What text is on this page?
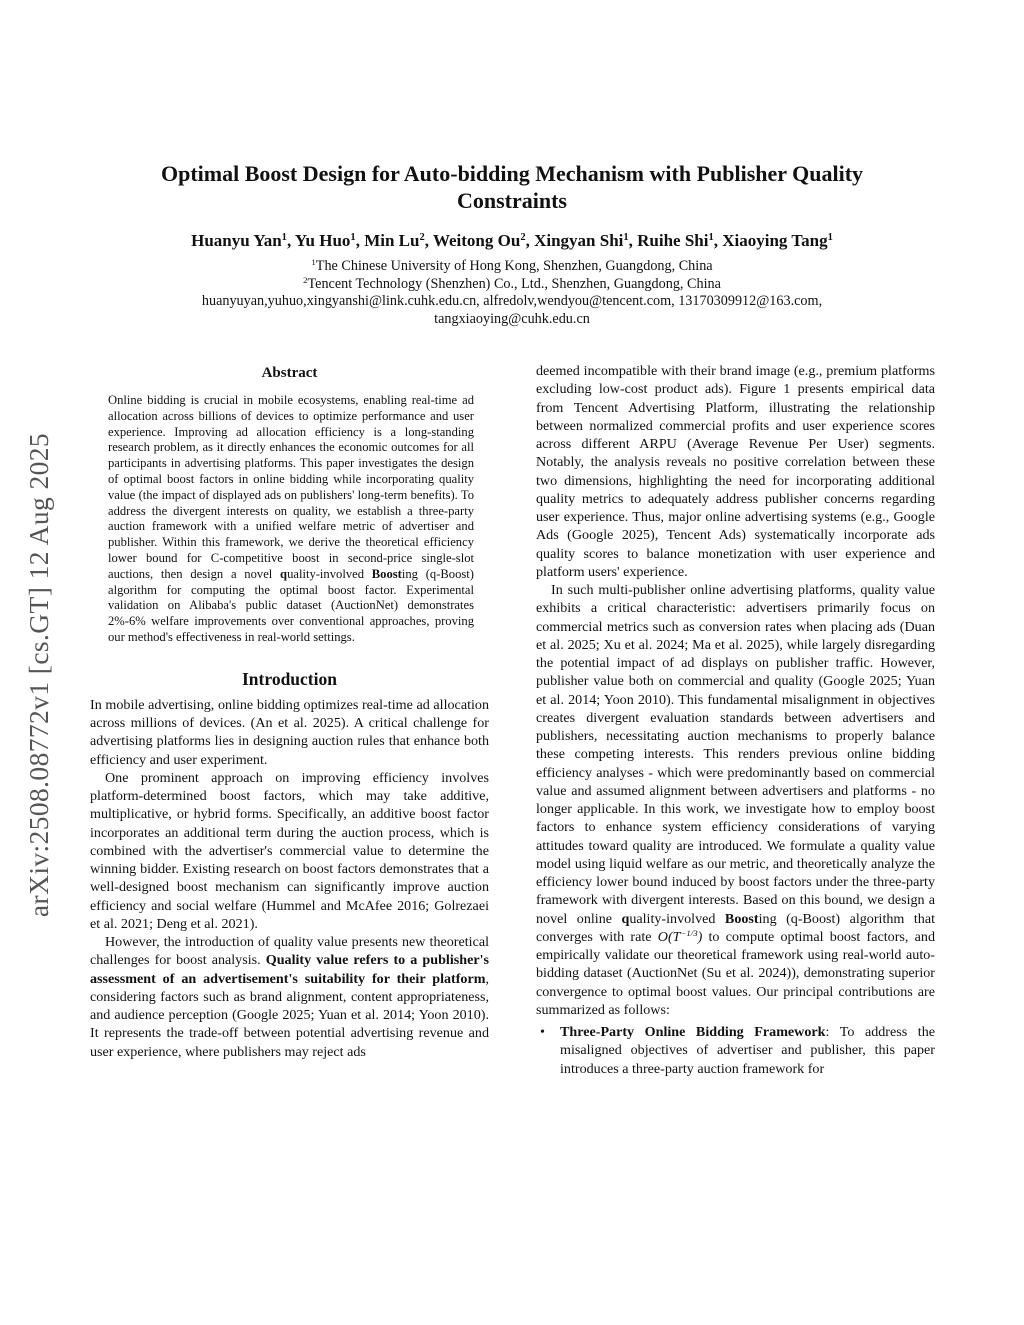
arXiv:2508.08772v1 [cs.GT] 12 Aug 2025
Optimal Boost Design for Auto-bidding Mechanism with Publisher Quality
Constraints
Huanyu Yan$^1$, Yu Huo$^1$, Min Lu$^2$, Weitong Ou$^2$, Xingyan Shi$^1$, Ruihe Shi$^1$, Xiaoying Tang$^1$
$^1$The Chinese University of Hong Kong, Shenzhen, Guangdong, China
$^2$Tencent Technology (Shenzhen) Co., Ltd., Shenzhen, Guangdong, China
huanyuyan,yuhuo,xingyanshi@link.cuhk.edu.cn, alfredolv,wendyou@tencent.com, 13170309912@163.com,
tangxiaoying@cuhk.edu.cn
Abstract
Online bidding is crucial in mobile ecosystems, enabling real-time ad allocation across billions of devices to optimize performance and user experience. Improving ad allocation efficiency is a long-standing research problem, as it directly enhances the economic outcomes for all participants in advertising platforms. This paper investigates the design of optimal boost factors in online bidding while incorporating quality value (the impact of displayed ads on publishers' long-term benefits). To address the divergent interests on quality, we establish a three-party auction framework with a unified welfare metric of advertiser and publisher. Within this framework, we derive the theoretical efficiency lower bound for C-competitive boost in second-price single-slot auctions, then design a novel quality-involved Boosting (q-Boost) algorithm for computing the optimal boost factor. Experimental validation on Alibaba's public dataset (AuctionNet) demonstrates 2%-6% welfare improvements over conventional approaches, proving our method's effectiveness in real-world settings.
Introduction

In mobile advertising, online bidding optimizes real-time ad allocation across millions of devices. (An et al. 2025). A critical challenge for advertising platforms lies in designing auction rules that enhance both efficiency and user experiment.

One prominent approach on improving efficiency involves platform-determined boost factors, which may take additive, multiplicative, or hybrid forms. Specifically, an additive boost factor incorporates an additional term during the auction process, which is combined with the advertiser's commercial value to determine the winning bidder. Existing research on boost factors demonstrates that a well-designed boost mechanism can significantly improve auction efficiency and social welfare (Hummel and McAfee 2016; Golrezaei et al. 2021; Deng et al. 2021).

However, the introduction of quality value presents new theoretical challenges for boost analysis. Quality value refers to a publisher's assessment of an advertisement's suitability for their platform, considering factors such as brand alignment, content appropriateness, and audience perception (Google 2025; Yuan et al. 2014; Yoon 2010). It represents the trade-off between potential advertising revenue and user experience, where publishers may reject ads

deemed incompatible with their brand image (e.g., premium platforms excluding low-cost product ads). Figure 1 presents empirical data from Tencent Advertising Platform, illustrating the relationship between normalized commercial profits and user experience scores across different ARPU (Average Revenue Per User) segments. Notably, the analysis reveals no positive correlation between these two dimensions, highlighting the need for incorporating additional quality metrics to adequately address publisher concerns regarding user experience. Thus, major online advertising systems (e.g., Google Ads (Google 2025), Tencent Ads) systematically incorporate ads quality scores to balance monetization with user experience and platform users' experience.

In such multi-publisher online advertising platforms, quality value exhibits a critical characteristic: advertisers primarily focus on commercial metrics such as conversion rates when placing ads (Duan et al. 2025; Xu et al. 2024; Ma et al. 2025), while largely disregarding the potential impact of ad displays on publisher traffic. However, publisher value both on commercial and quality (Google 2025; Yuan et al. 2014; Yoon 2010). This fundamental misalignment in objectives creates divergent evaluation standards between advertisers and publishers, necessitating auction mechanisms to properly balance these competing interests. This renders previous online bidding efficiency analyses - which were predominantly based on commercial value and assumed alignment between advertisers and platforms - no longer applicable. In this work, we investigate how to employ boost factors to enhance system efficiency considerations of varying attitudes toward quality are introduced. We formulate a quality value model using liquid welfare as our metric, and theoretically analyze the efficiency lower bound induced by boost factors under the three-party framework with divergent interests. Based on this bound, we design a novel online quality-involved Boosting (q-Boost) algorithm that converges with rate $O(T^{-1/3})$ to compute optimal boost factors, and empirically validate our theoretical framework using real-world auto-bidding dataset (AuctionNet (Su et al. 2024)), demonstrating superior convergence to optimal boost values. Our principal contributions are summarized as follows:

•	Three-Party Online Bidding Framework: To address the misaligned objectives of advertiser and publisher, this paper introduces a three-party auction framework for
